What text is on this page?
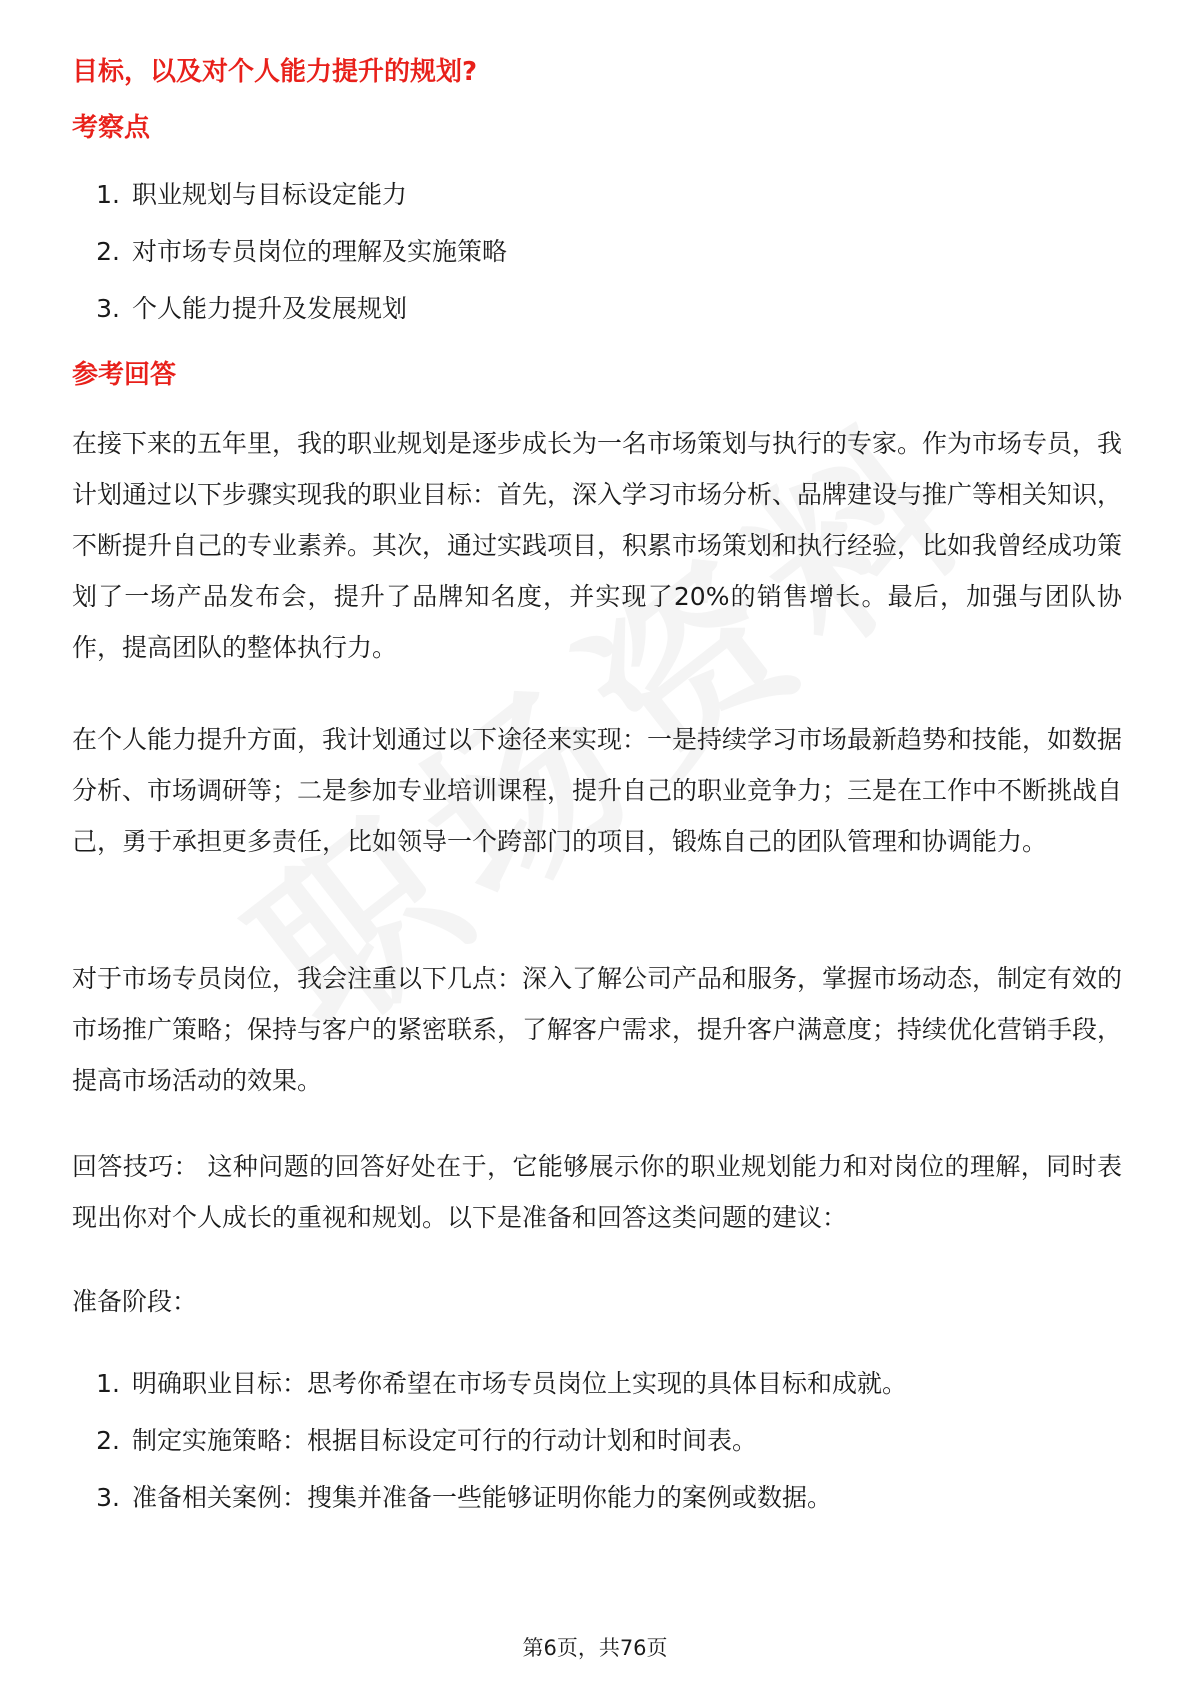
目标，以及对个人能力提升的规划?
考察点
1. 职业规划与目标设定能力
2. 对市场专员岗位的理解及实施策略
3. 个人能力提升及发展规划
参考回答

在接下来的五年里，我的职业规划是逐步成长为一名市场策划与执行的专家。作为市场专员，我计划通过以下步骤实现我的职业目标：首先，深入学习市场分析、品牌建设与推广等相关知识，不断提升自己的专业素养。其次，通过实践项目，积累市场策划和执行经验，比如我曾经成功策划了一场产品发布会，提升了品牌知名度，并实现了20%的销售增长。最后，加强与团队协作，提高团队的整体执行力。

在个人能力提升方面，我计划通过以下途径来实现：一是持续学习市场最新趋势和技能，如数据分析、市场调研等；二是参加专业培训课程，提升自己的职业竞争力；三是在工作中不断挑战自己，勇于承担更多责任，比如领导一个跨部门的项目，锻炼自己的团队管理和协调能力。

对于市场专员岗位，我会注重以下几点：深入了解公司产品和服务，掌握市场动态，制定有效的市场推广策略；保持与客户的紧密联系，了解客户需求，提升客户满意度；持续优化营销手段，提高市场活动的效果。

回答技巧： 这种问题的回答好处在于，它能够展示你的职业规划能力和对岗位的理解，同时表现出你对个人成长的重视和规划。以下是准备和回答这类问题的建议：

准备阶段：

1. 明确职业目标：思考你希望在市场专员岗位上实现的具体目标和成就。
2. 制定实施策略：根据目标设定可行的行动计划和时间表。
3. 准备相关案例：搜集并准备一些能够证明你能力的案例或数据。
第6页，共76页
